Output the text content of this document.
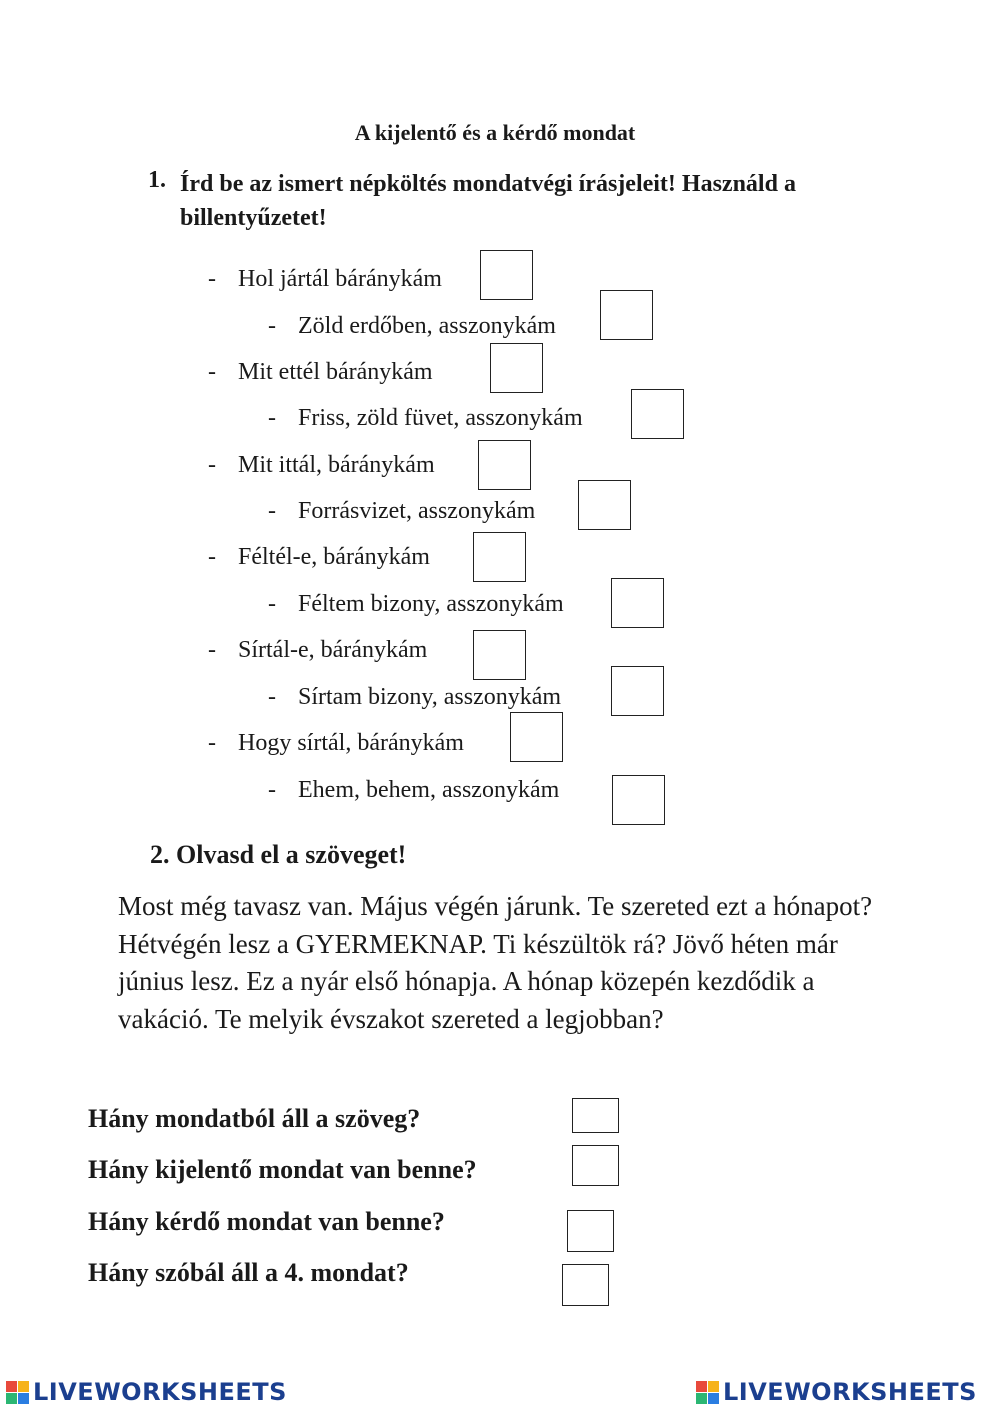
A kijelentő és a kérdő mondat
1. Írd be az ismert népköltés mondatvégi írásjeleit! Használd a billentyűzetet!
- Hol jártál báránykám
- Zöld erdőben, asszonykám
- Mit ettél báránykám
- Friss, zöld füvet, asszonykám
- Mit ittál, báránykám
- Forrásvizet, asszonykám
- Féltél-e, báránykám
- Féltem bizony, asszonykám
- Sírtál-e, báránykám
- Sírtam bizony, asszonykám
- Hogy sírtál, báránykám
- Ehem, behem, asszonykám
2. Olvasd el a szöveget!
Most még tavasz van. Május végén járunk. Te szereted ezt a hónapot? Hétvégén lesz a GYERMEKNAP. Ti készültök rá? Jövő héten már június lesz. Ez a nyár első hónapja. A hónap közepén kezdődik a vakáció. Te melyik évszakot szereted a legjobban?
Hány mondatból áll a szöveg?
Hány kijelentő mondat van benne?
Hány kérdő mondat van benne?
Hány szóbál áll a 4. mondat?
LIVEWORKSHEETS	LIVEWORKSHEETS
